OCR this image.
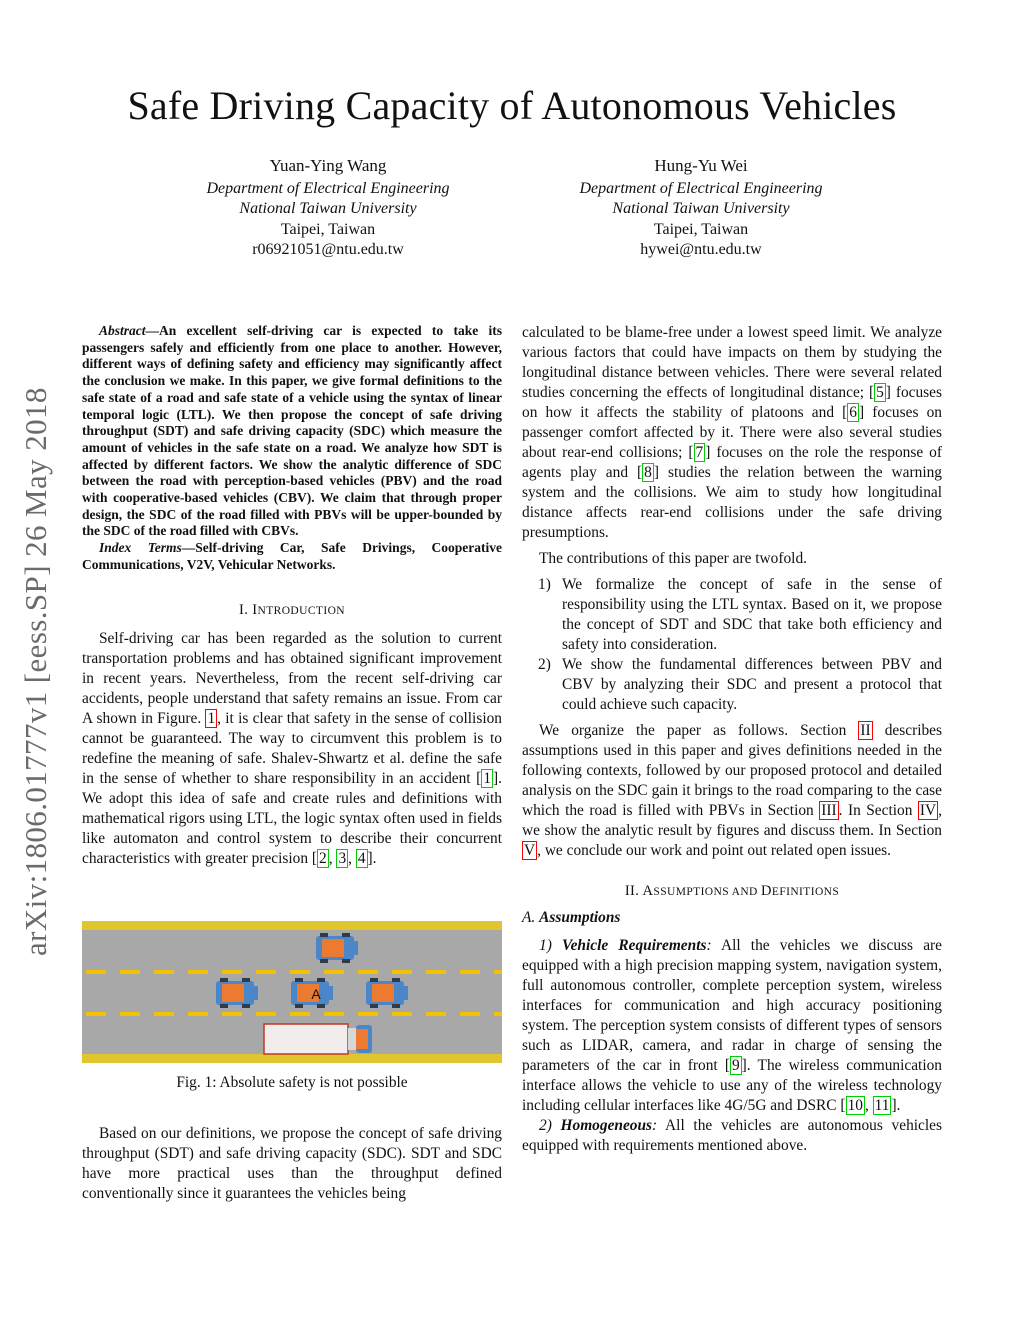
Safe Driving Capacity of Autonomous Vehicles
Yuan-Ying Wang
Department of Electrical Engineering
National Taiwan University
Taipei, Taiwan
r06921051@ntu.edu.tw
Hung-Yu Wei
Department of Electrical Engineering
National Taiwan University
Taipei, Taiwan
hywei@ntu.edu.tw
arXiv:1806.01777v1 [eess.SP] 26 May 2018

Abstract—An excellent self-driving car is expected to take its passengers safely and efficiently from one place to another. However, different ways of defining safety and efficiency may significantly affect the conclusion we make. In this paper, we give formal definitions to the safe state of a road and safe state of a vehicle using the syntax of linear temporal logic (LTL). We then propose the concept of safe driving throughput (SDT) and safe driving capacity (SDC) which measure the amount of vehicles in the safe state on a road. We analyze how SDT is affected by different factors. We show the analytic difference of SDC between the road with perception-based vehicles (PBV) and the road with cooperative-based vehicles (CBV). We claim that through proper design, the SDC of the road filled with PBVs will be upper-bounded by the SDC of the road filled with CBVs.

Index Terms—Self-driving Car, Safe Drivings, Cooperative Communications, V2V, Vehicular Networks.

I. INTRODUCTION

Self-driving car has been regarded as the solution to current transportation problems and has obtained significant improvement in recent years. Nevertheless, from the recent self-driving car accidents, people understand that safety remains an issue. From car A shown in Figure. 1 , it is clear that safety in the sense of collision cannot be guaranteed. The way to circumvent this problem is to redefine the meaning of safe. Shalev-Shwartz et al. define the safe in the sense of whether to share responsibility in an accident [ 1 ]. We adopt this idea of safe and create rules and definitions with mathematical rigors using LTL, the logic syntax often used in fields like automaton and control system to describe their concurrent characteristics with greater precision [ 2 , 3 , 4 ].

A
Fig. 1: Absolute safety is not possible

Based on our definitions, we propose the concept of safe driving throughput (SDT) and safe driving capacity (SDC). SDT and SDC have more practical uses than the throughput defined conventionally since it guarantees the vehicles being

calculated to be blame-free under a lowest speed limit. We analyze various factors that could have impacts on them by studying the longitudinal distance between vehicles. There were several related studies concerning the effects of longitudinal distance; [ 5 ] focuses on how it affects the stability of platoons and [ 6 ] focuses on passenger comfort affected by it. There were also several studies about rear-end collisions; [ 7 ] focuses on the role the response of agents play and [ 8 ] studies the relation between the warning system and the collisions. We aim to study how longitudinal distance affects rear-end collisions under the safe driving presumptions.

The contributions of this paper are twofold.

1) We formalize the concept of safe in the sense of responsibility using the LTL syntax. Based on it, we propose the concept of SDT and SDC that take both efficiency and safety into consideration.
2) We show the fundamental differences between PBV and CBV by analyzing their SDC and present a protocol that could achieve such capacity.

We organize the paper as follows. Section II describes assumptions used in this paper and gives definitions needed in the following contexts, followed by our proposed protocol and detailed analysis on the SDC gain it brings to the road comparing to the case which the road is filled with PBVs in Section III . In Section IV , we show the analytic result by figures and discuss them. In Section V , we conclude our work and point out related open issues.

II. ASSUMPTIONS AND DEFINITIONS

A. Assumptions

1) Vehicle Requirements: All the vehicles we discuss are equipped with a high precision mapping system, navigation system, full autonomous controller, complete perception system, wireless interfaces for communication and high accuracy positioning system. The perception system consists of different types of sensors such as LIDAR, camera, and radar in charge of sensing the parameters of the car in front [ 9 ]. The wireless communication interface allows the vehicle to use any of the wireless technology including cellular interfaces like 4G/5G and DSRC [ 10 , 11 ].

2) Homogeneous: All the vehicles are autonomous vehicles equipped with requirements mentioned above.
